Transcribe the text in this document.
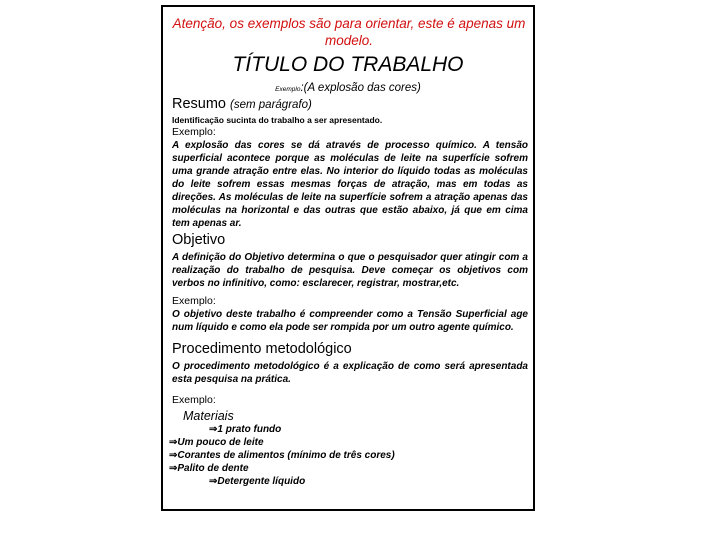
Atenção, os exemplos são para orientar, este é apenas um modelo.
TÍTULO DO TRABALHO
Exemplo:(A explosão das cores)
Resumo (sem parágrafo)
Identificação sucinta do trabalho a ser apresentado.
Exemplo:
A explosão das cores se dá através de processo químico. A tensão superficial acontece porque as moléculas de leite na superfície sofrem uma grande atração entre elas. No interior do líquido todas as moléculas do leite sofrem essas mesmas forças de atração, mas em todas as direções. As moléculas de leite na superfície sofrem a atração apenas das moléculas na horizontal e das outras que estão abaixo, já que em cima tem apenas ar.
Objetivo
A definição do Objetivo determina o que o pesquisador quer atingir com a realização do trabalho de pesquisa. Deve começar os objetivos com verbos no infinitivo, como: esclarecer, registrar, mostrar,etc.
Exemplo:
O objetivo deste trabalho é compreender como a Tensão Superficial age num líquido e como ela pode ser rompida por um outro agente químico.
Procedimento metodológico
O procedimento metodológico é a explicação de como será apresentada esta pesquisa na prática.
Exemplo:
Materiais
⇒1 prato fundo
⇒Um pouco de leite
⇒Corantes de alimentos (mínimo de três cores)
⇒Palito de dente
⇒Detergente líquido
